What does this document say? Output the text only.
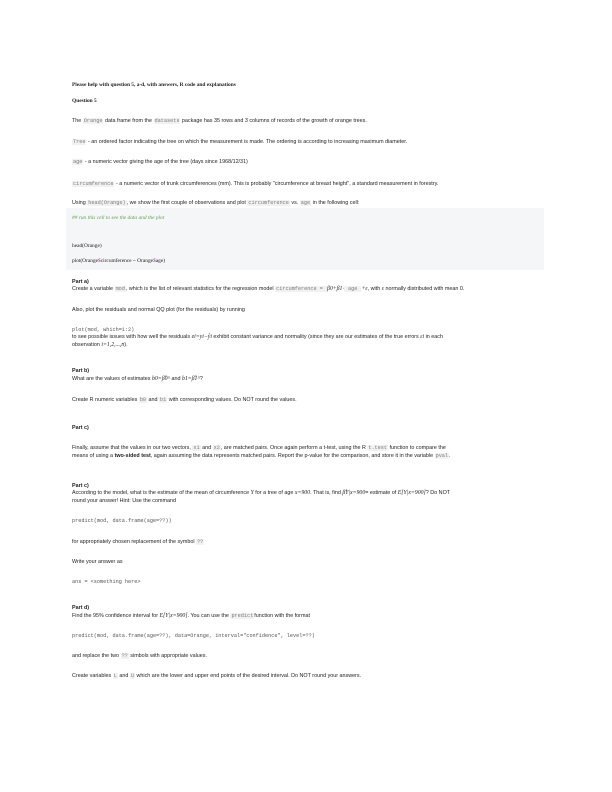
Please help with question 5, a-d, with answers, R code and explanations
Question 5
The Orange data frame from the datasets package has 35 rows and 3 columns of records of the growth of orange trees.
Tree - an ordered factor indicating the tree on which the measurement is made. The ordering is according to increasing maximum diameter.
age - a numeric vector giving the age of the tree (days since 1968/12/31)
circumference - a numeric vector of trunk circumferences (mm). This is probably "circumference at breast height", a standard measurement in forestry.
Using head(Orange), we show the first couple of observations and plot circumference vs. age in the following cell:
## run this cell to see the data and the plot
head(Orange)
plot(Orange$circumference ~ Orange$age)
Part a)
Create a variable mod, which is the list of relevant statistics for the regression model circumference = β0+β1· age +ε, with ε normally distributed with mean 0.
Also, plot the residuals and normal QQ plot (for the residuals) by running
plot(mod, which=1:2)
to see possible issues with how well the residuals ei=yi−ŷi exhibit constant variance and normality (since they are our estimates of the true errors εi in each
observation i=1,2,...,n).
Part b)
What are the values of estimates b0=β̂0^ and b1=β̂1^?
Create R numeric variables b0 and b1 with corresponding values. Do NOT round the values.
Part c)
Finally, assume that the values in our two vectors, x1 and x2, are matched pairs. Once again perform a t-test, using the R t.test function to compare the
means of using a two-sided test, again assuming the data represents matched pairs. Report the p-value for the comparison, and store it in the variable pval.
Part c)
According to the model, what is the estimate of the mean of circumference Y for a tree of age x=900. That is, find β̂Y|x=900= estimate of E[Y|x=900]? Do NOT
round your answer! Hint: Use the command
predict(mod, data.frame(age=??))
for appropriately chosen replacement of the symbol ??
Write your answer as
ans = <something here>
Part d)
Find the 95% confidence interval for E[Y|x=900]. You can use the predictfunction with the format
predict(mod, data.frame(age=??), data=Orange, interval="confidence", level=??)
and replace the two ?? simbols with appropriate values.
Create variables L and U which are the lower and upper end points of the desired interval. Do NOT round your answers.
